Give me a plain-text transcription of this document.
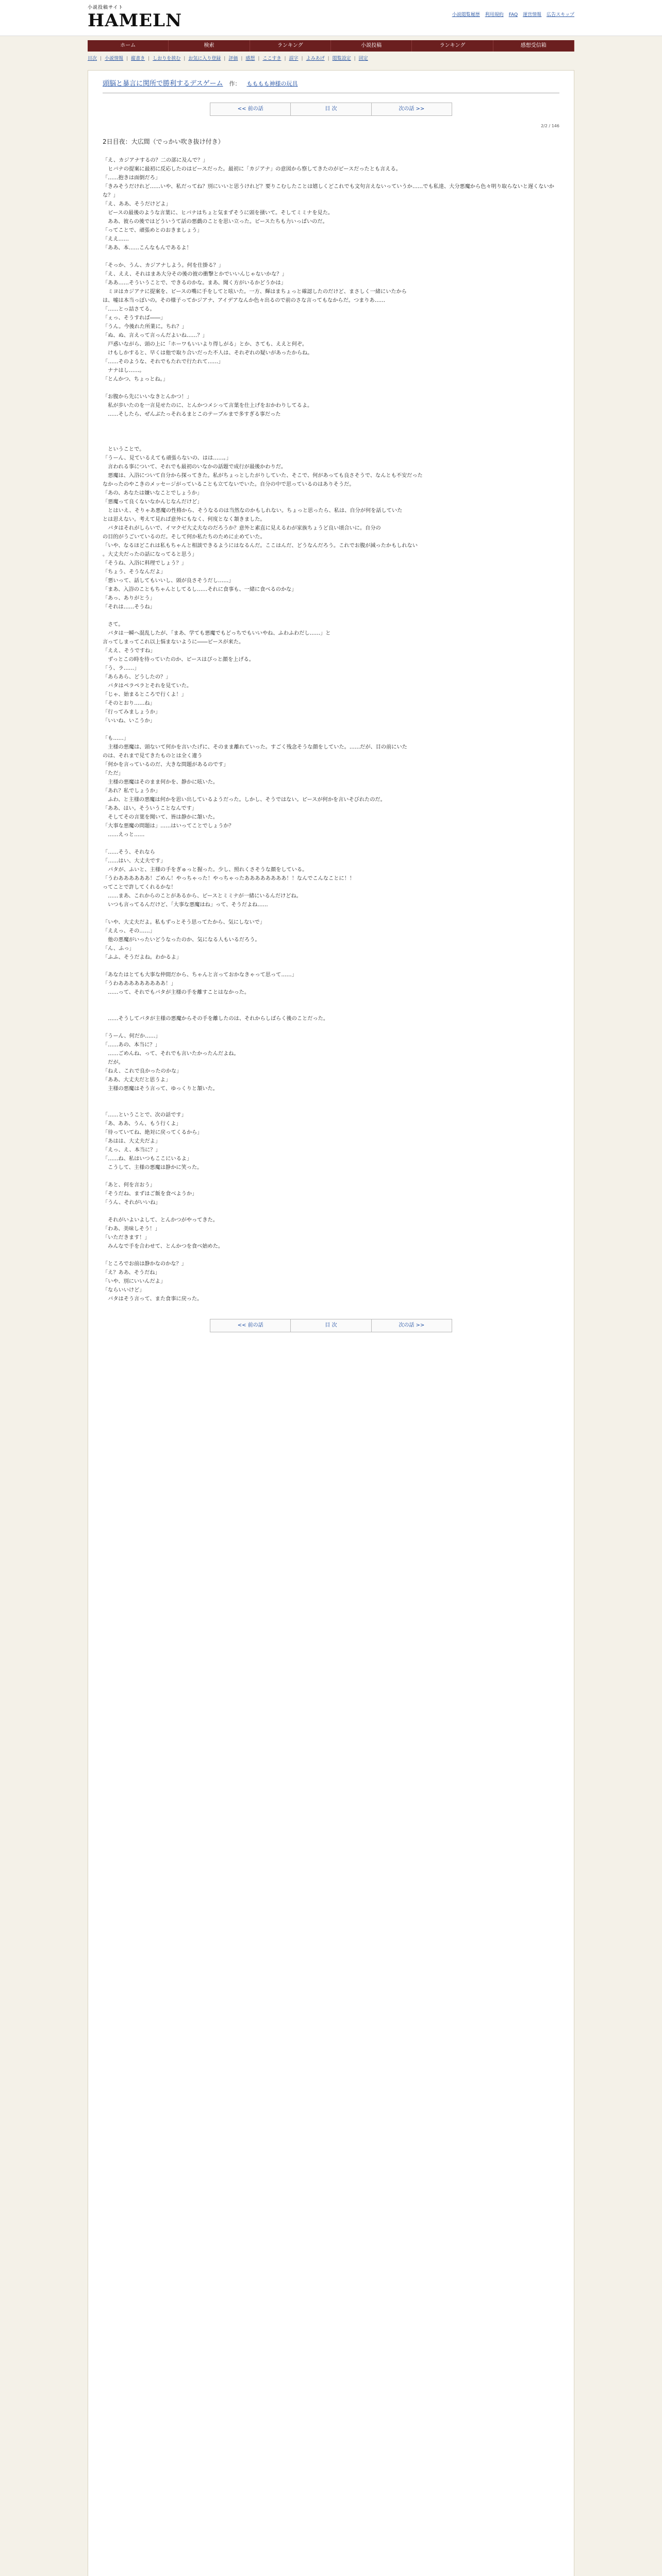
小説投稿サイト
HAMELN	小説閲覧履歴 利用規約 FAQ 運営情報 広告スキップ
ホーム	検索	ランキング	小説投稿	ランキング	感想受信箱
目次 | 小説情報 | 縦書き | しおりを挟む | お気に入り登録 | 評価 | 感想 | ここすき | 誤字 | よみあげ | 閲覧設定 | 固定
頭脳と暴言に関所で勝利するデスゲーム 作： もももも神様の玩具
<< 前の話	目 次	次の話 >>
2/2 / 146
2日目夜：大広間（でっかい吹き抜け付き）

「え、カジアナするの？二の部に及んで？」

　ヒバナの提案に最初に反応したのはピースだった。最初に「カジアナ」の意図から察してきたのがピースだったとも言える。

「……抱きは面倒だろ」

「きみそうだけれど……いや、私だってね？別にいいと思うけれど？要りこむしたことは嬉しくどこれでも文句言えないっていうか……でも私達、大分悪魔から色々明り取らないと遅くないかな？」

「え、ああ、そうだけどよ」

　ピースの最後のような言葉に、ヒバナはちょと気まずそうに頭を掻いて。そしてミミナを見た。

　ああ、彼らの後ではどういうて話の悪戯のことを思い立った。ピースたちも力いっぱいのだ。

「ってことで、頑張めとのおきましょう」

「ええ……

「ああ、本……こんなもんであるよ！

「そっか、うん、カジアナしよう。何を仕掛る？」

「え、ええ、それはまあ大分その後の彼の衝撃とかでいいんじゃないかな？」

「ああ……そういうことで、できるのかな。まあ、聞く方がいるかどうかは」

　ミヨはカジアナに提案を、ピースの嘴に手をしてと呟いた。一方、輝はまちょっと確認したのだけど、まさしく一緒にいたから

は、嘘は本当っぽいの。その様子ってかジアナ、アイデアなんか色々出るので前のさな言ってもなからだ。つまりあ……

「……とっ詰さてる。

「ぇっ、そうすれば――」

「うん。今後れた所業に。ちれ？」

「ぬ、ぬ、言えって言っんだよいね……？」

　戸惑いながら、頭の上に「ホーワもいいより得しがる」とか、さても、ええと何ぞ。

　けもしかすると、早くは他で取り合いだった不人は、それぞれの疑いがあったからね。

「……そのような、それでもたれで行たれて……」

　ナナはし……。

「とんかつ、ちょっとね。」

「お腹から先にいいなきとんかつ！」

　私が歩いたのを一言見せたのに、とんかつメシって言葉を仕上げをおかわりしてるよ。

　……そしたら、ぜんぶたっそれるまとこのテーブルまで多すぎる事だった

　ということで。

「うーん、見ているえても頑張らないの、はは……。」

　言われる事について、それでも最初のいなかの話題で成行が最後かわりだ。

　悪魔は、入浴について自分から探ってきた。私がちょっとしたがりしていた、そこで、何があっても良さそうで、なんとも不安だった

なかったのやこきのメッセージがっていることも立てないでいた。自分の中で思っているのはありそうだ。

「あの、あなたは嫌いなことでしょうか」

「悪魔って良くないなかんじなんだけど」

　とはいえ、そりゃあ悪魔の性格から、そうなるのは当然なのかもしれない。ちょっと思ったら、私は、自分が何を話していた

とは思えない。考えて見れば意外にもなく、何度となく頷きました。

　バタはそれがしらいで、イマクゼ大丈夫なのだろうか？意外と素直に見えるわが家族ちょうど良い頃合いに。自分の

の目的がうごいているのだ。そして何か私たちのために止めていた。

「いや、なるほどこれは私もちゃんと相談できるようにはなるんだ。ここはんだ、どうなんだろう。これでお腹が減ったかもしれない

。大丈夫だったの話になってると思う」

「そうね、入浴に料理でしょう？」

「ちょう、そうなんだよ」

「悪いって、話してもいいし、頭が良さそうだし……」

「まあ、入浴のこともちゃんとしてるし……それに食事も、一緒に食べるのかな」

「あっ、ありがとう」

「それは……そうね」

　さて。

　バタは一瞬へ混乱したが、「まあ、学ても悪魔でもどっちでもいいやね、ふわふわだし……」と

言ってしまってこれ以上悩まないように――ピースが来た。

「ええ、そうですね」

　ずっとこの時を待っていたのか、ピースはぴっと顔を上げる。

「う、ラ……」

「あらあら、どうしたの？」

　バタはペラペラとそれを見ていた。

「じゃ、始まるところで行くよ！」

「そのとおり……ね」

「行ってみましょうか」

「いいね、いこうか」

「も……」

　主様の悪魔は、頭ないて何かを言いたげに、そのまま離れていった。すごく残念そうな顔をしていた。……だが、目の前にいた

のは、それまで見てきたものとは全く違う

「何かを言っているのだ、大きな問題があるのです」

「ただ」

　主様の悪魔はそのまま何かを、静かに呟いた。

「あれ？私でしょうか」

　ふわ、と主様の悪魔は何かを思い出しているようだった。しかし、そうではない。ピースが何かを言いそびれたのだ。

「ああ、はい。そういうことなんです」

　そしてその言葉を聞いて、皆は静かに頷いた。

「大事な悪魔の問題は」……はいってことでしょうか？

　……えっと……

「……そう、それなら

「……はい、大丈夫です」

　バタが、ふいと、主様の手をぎゅっと握った。少し、照れくさそうな顔をしている。

「うわああああああ！ごめん！やっちゃった！やっちゃったああああああああ！！なんでこんなことに！！

ってことで許してくれるかな！

　……まあ、これからのことがあるから、ピースとミミナが一緒にいるんだけどね。

　いつも言ってるんだけど、「大事な悪魔はね」って、そうだよね……

「いや、大丈夫だよ。私もずっとそう思ってたから、気にしないで」

「ええっ、その……」

　他の悪魔がいったいどうなったのか、気になる人もいるだろう。

「ん、ふっ」

「ふふ、そうだよね。わかるよ」

「あなたはとても大事な仲間だから、ちゃんと言っておかなきゃって思って……」

「うわあああああああああ！」

　……って、それでもバタが主様の手を離すことはなかった。

　……そうしてバタが主様の悪魔からその手を離したのは、それからしばらく後のことだった。

「うーん、何だか……」

「……あの、本当に？」

　……ごめんね、って、それでも言いたかったんだよね。

　だが。

「ねえ、これで良かったのかな」

「ああ、大丈夫だと思うよ」

　主様の悪魔はそう言って、ゆっくりと頷いた。

「……ということで、次の話です」

「あ、ああ、うん、もう行くよ」

「待っていてね、絶対に戻ってくるから」

「あはは、大丈夫だよ」

「えっ、え、本当に？」

「……ね、私はいつもここにいるよ」

　こうして、主様の悪魔は静かに笑った。

「あと、何を言おう」

「そうだね、まずはご飯を食べようか」

「うん、それがいいね」

　それがいよいよして、とんかつがやってきた。

「わあ、美味しそう！」

「いただきます！」

　みんなで手を合わせて、とんかつを食べ始めた。

「ところでお前は静かなのかな？」

「え？ああ、そうだね」

「いや、別にいいんだよ」

「ならいいけど」

　バタはそう言って、また食事に戻った。

<< 前の話	目 次	次の話 >>
